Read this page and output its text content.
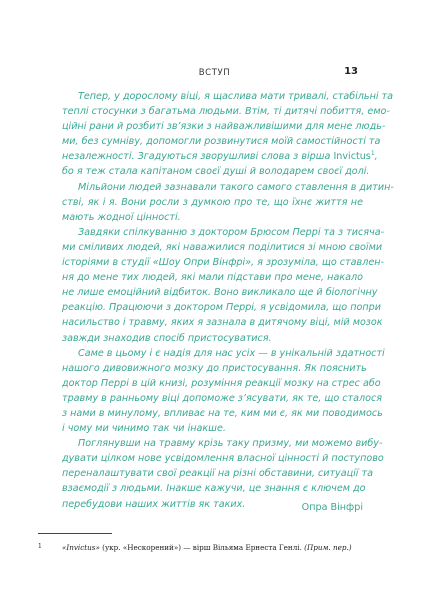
ВСТУП	13
Тепер, у дорослому віці, я щаслива мати тривалі, стабільні та
теплі стосунки з багатьма людьми. Втім, ті дитячі побиття, емо-
ційні рани й розбиті зв’язки з найважливішими для мене людь-
ми, без сумніву, допомогли розвинутися моїй самостійності та
незалежності. Згадуються зворушливі слова з вірша Invictus$^1$,
бо я теж стала капітаном своєї душі й володарем своєї долі.
Мільйони людей зазнавали такого самого ставлення в дитин-
стві, як і я. Вони росли з думкою про те, що їхнє життя не
мають жодної цінності.
Завдяки спілкуванню з доктором Брюсом Перрі та з тисяча-
ми сміливих людей, які наважилися поділитися зі мною своїми
історіями в студії «Шоу Опри Вінфрі», я зрозуміла, що ставлен-
ня до мене тих людей, які мали підстави про мене, накало
не лише емоційний відбиток. Воно викликало ще й біологічну
реакцію. Працюючи з доктором Перрі, я усвідомила, що попри
насильство і травму, яких я зазнала в дитячому віці, мій мозок
завжди знаходив спосіб пристосуватися.
Саме в цьому і є надія для нас усіх — в унікальній здатності
нашого дивовижного мозку до пристосування. Як пояснить
доктор Перрі в цій книзі, розуміння реакції мозку на стрес або
травму в ранньому віці допоможе з’ясувати, як те, що сталося
з нами в минулому, впливає на те, ким ми є, як ми поводимось
і чому ми чинимо так чи інакше.
Поглянувши на травму крізь таку призму, ми можемо вибу-
дувати цілком нове усвідомлення власної цінності й поступово
переналаштувати свої реакції на різні обставини, ситуації та
взаємодії з людьми. Інакше кажучи, це знання є ключем до
перебудови наших життів як таких.	Опра Вінфрі
1	«Invictus» (укр. «Нескорений») — вірш Вільяма Ернеста Генлі. (Прим. пер.)
